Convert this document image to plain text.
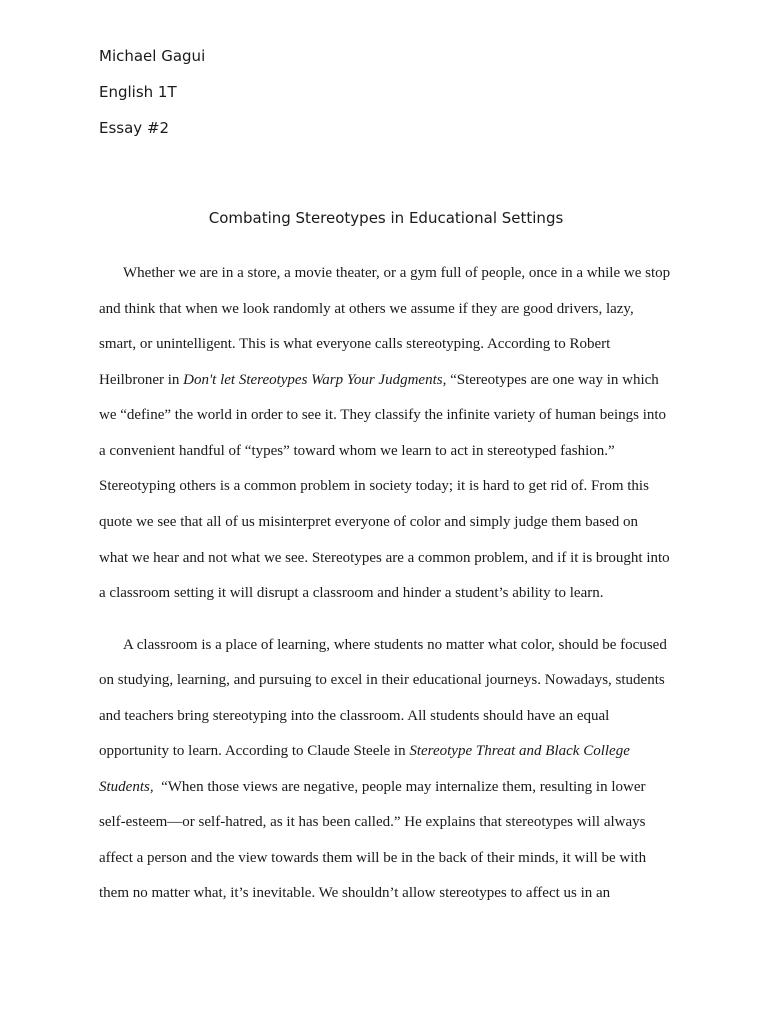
Michael Gagui
English 1T
Essay #2
Combating Stereotypes in Educational Settings
Whether we are in a store, a movie theater, or a gym full of people, once in a while we stop
and think that when we look randomly at others we assume if they are good drivers, lazy,
smart, or unintelligent. This is what everyone calls stereotyping. According to Robert
Heilbroner in Don't let Stereotypes Warp Your Judgments, “Stereotypes are one way in which
we “define” the world in order to see it. They classify the infinite variety of human beings into
a convenient handful of “types” toward whom we learn to act in stereotyped fashion.”
Stereotyping others is a common problem in society today; it is hard to get rid of. From this
quote we see that all of us misinterpret everyone of color and simply judge them based on
what we hear and not what we see. Stereotypes are a common problem, and if it is brought into
a classroom setting it will disrupt a classroom and hinder a student’s ability to learn.
A classroom is a place of learning, where students no matter what color, should be focused
on studying, learning, and pursuing to excel in their educational journeys. Nowadays, students
and teachers bring stereotyping into the classroom. All students should have an equal
opportunity to learn. According to Claude Steele in Stereotype Threat and Black College
Students,  “When those views are negative, people may internalize them, resulting in lower
self-esteem—or self-hatred, as it has been called.” He explains that stereotypes will always
affect a person and the view towards them will be in the back of their minds, it will be with
them no matter what, it’s inevitable. We shouldn’t allow stereotypes to affect us in an
